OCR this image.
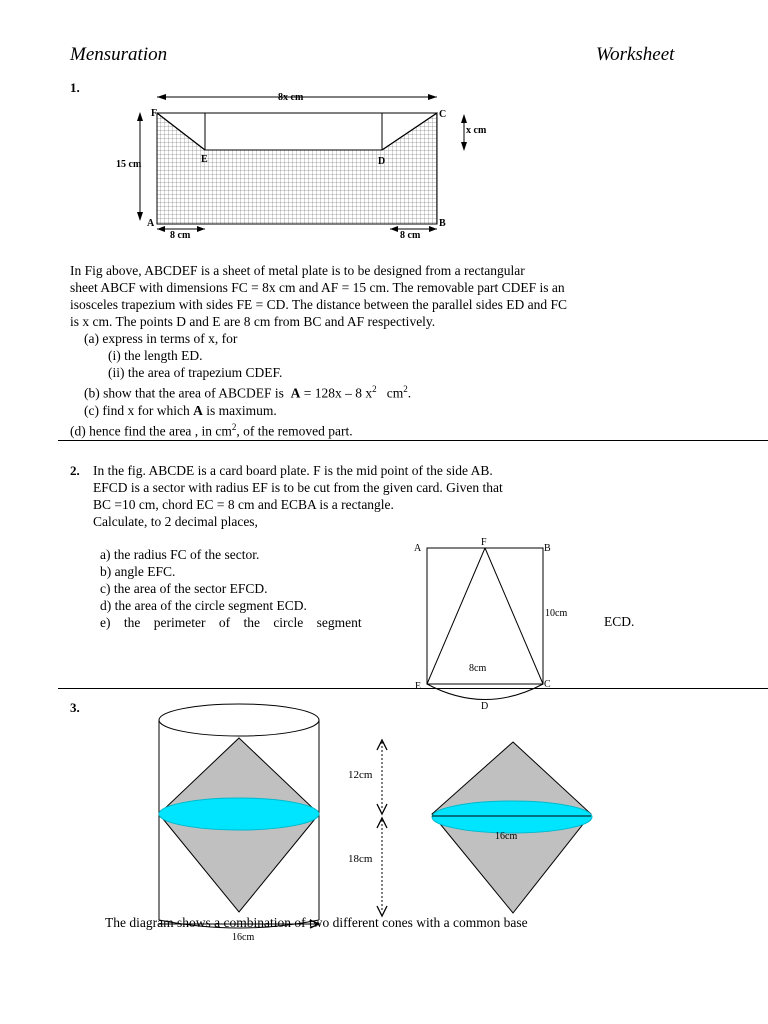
Mensuration	Worksheet
1.
8x cm
15 cm
x cm
8 cm	8 cm
F	C
E	D
A	B
In Fig above, ABCDEF is a sheet of metal plate is to be designed from a rectangular
sheet ABCF with dimensions FC = 8x cm and AF = 15 cm. The removable part CDEF is an
isosceles trapezium with sides FE = CD. The distance between the parallel sides ED and FC
is x cm. The points D and E are 8 cm from BC and AF respectively.
(a) express in terms of x, for
(i) the length ED.
(ii) the area of trapezium CDEF.
(b) show that the area of ABCDEF is A = 128x – 8 $x^2$ $cm^2$.
(c) find x for which A is maximum.
(d) hence find the area , in $cm^2$, of the removed part.
2. In the fig. ABCDE is a card board plate. F is the mid point of the side AB.
EFCD is a sector with radius EF is to be cut from the given card. Given that
BC =10 cm, chord EC = 8 cm and ECBA is a rectangle.
Calculate, to 2 decimal places,
a) the radius FC of the sector.
b) angle EFC.
c) the area of the sector EFCD.
d) the area of the circle segment ECD.
e) the perimeter of the circle segment	ECD.
A
F
B
10cm
8cm
E	C
D
3.
12cm
18cm
16cm
16cm
The diagram shows a combination of two different cones with a common base
